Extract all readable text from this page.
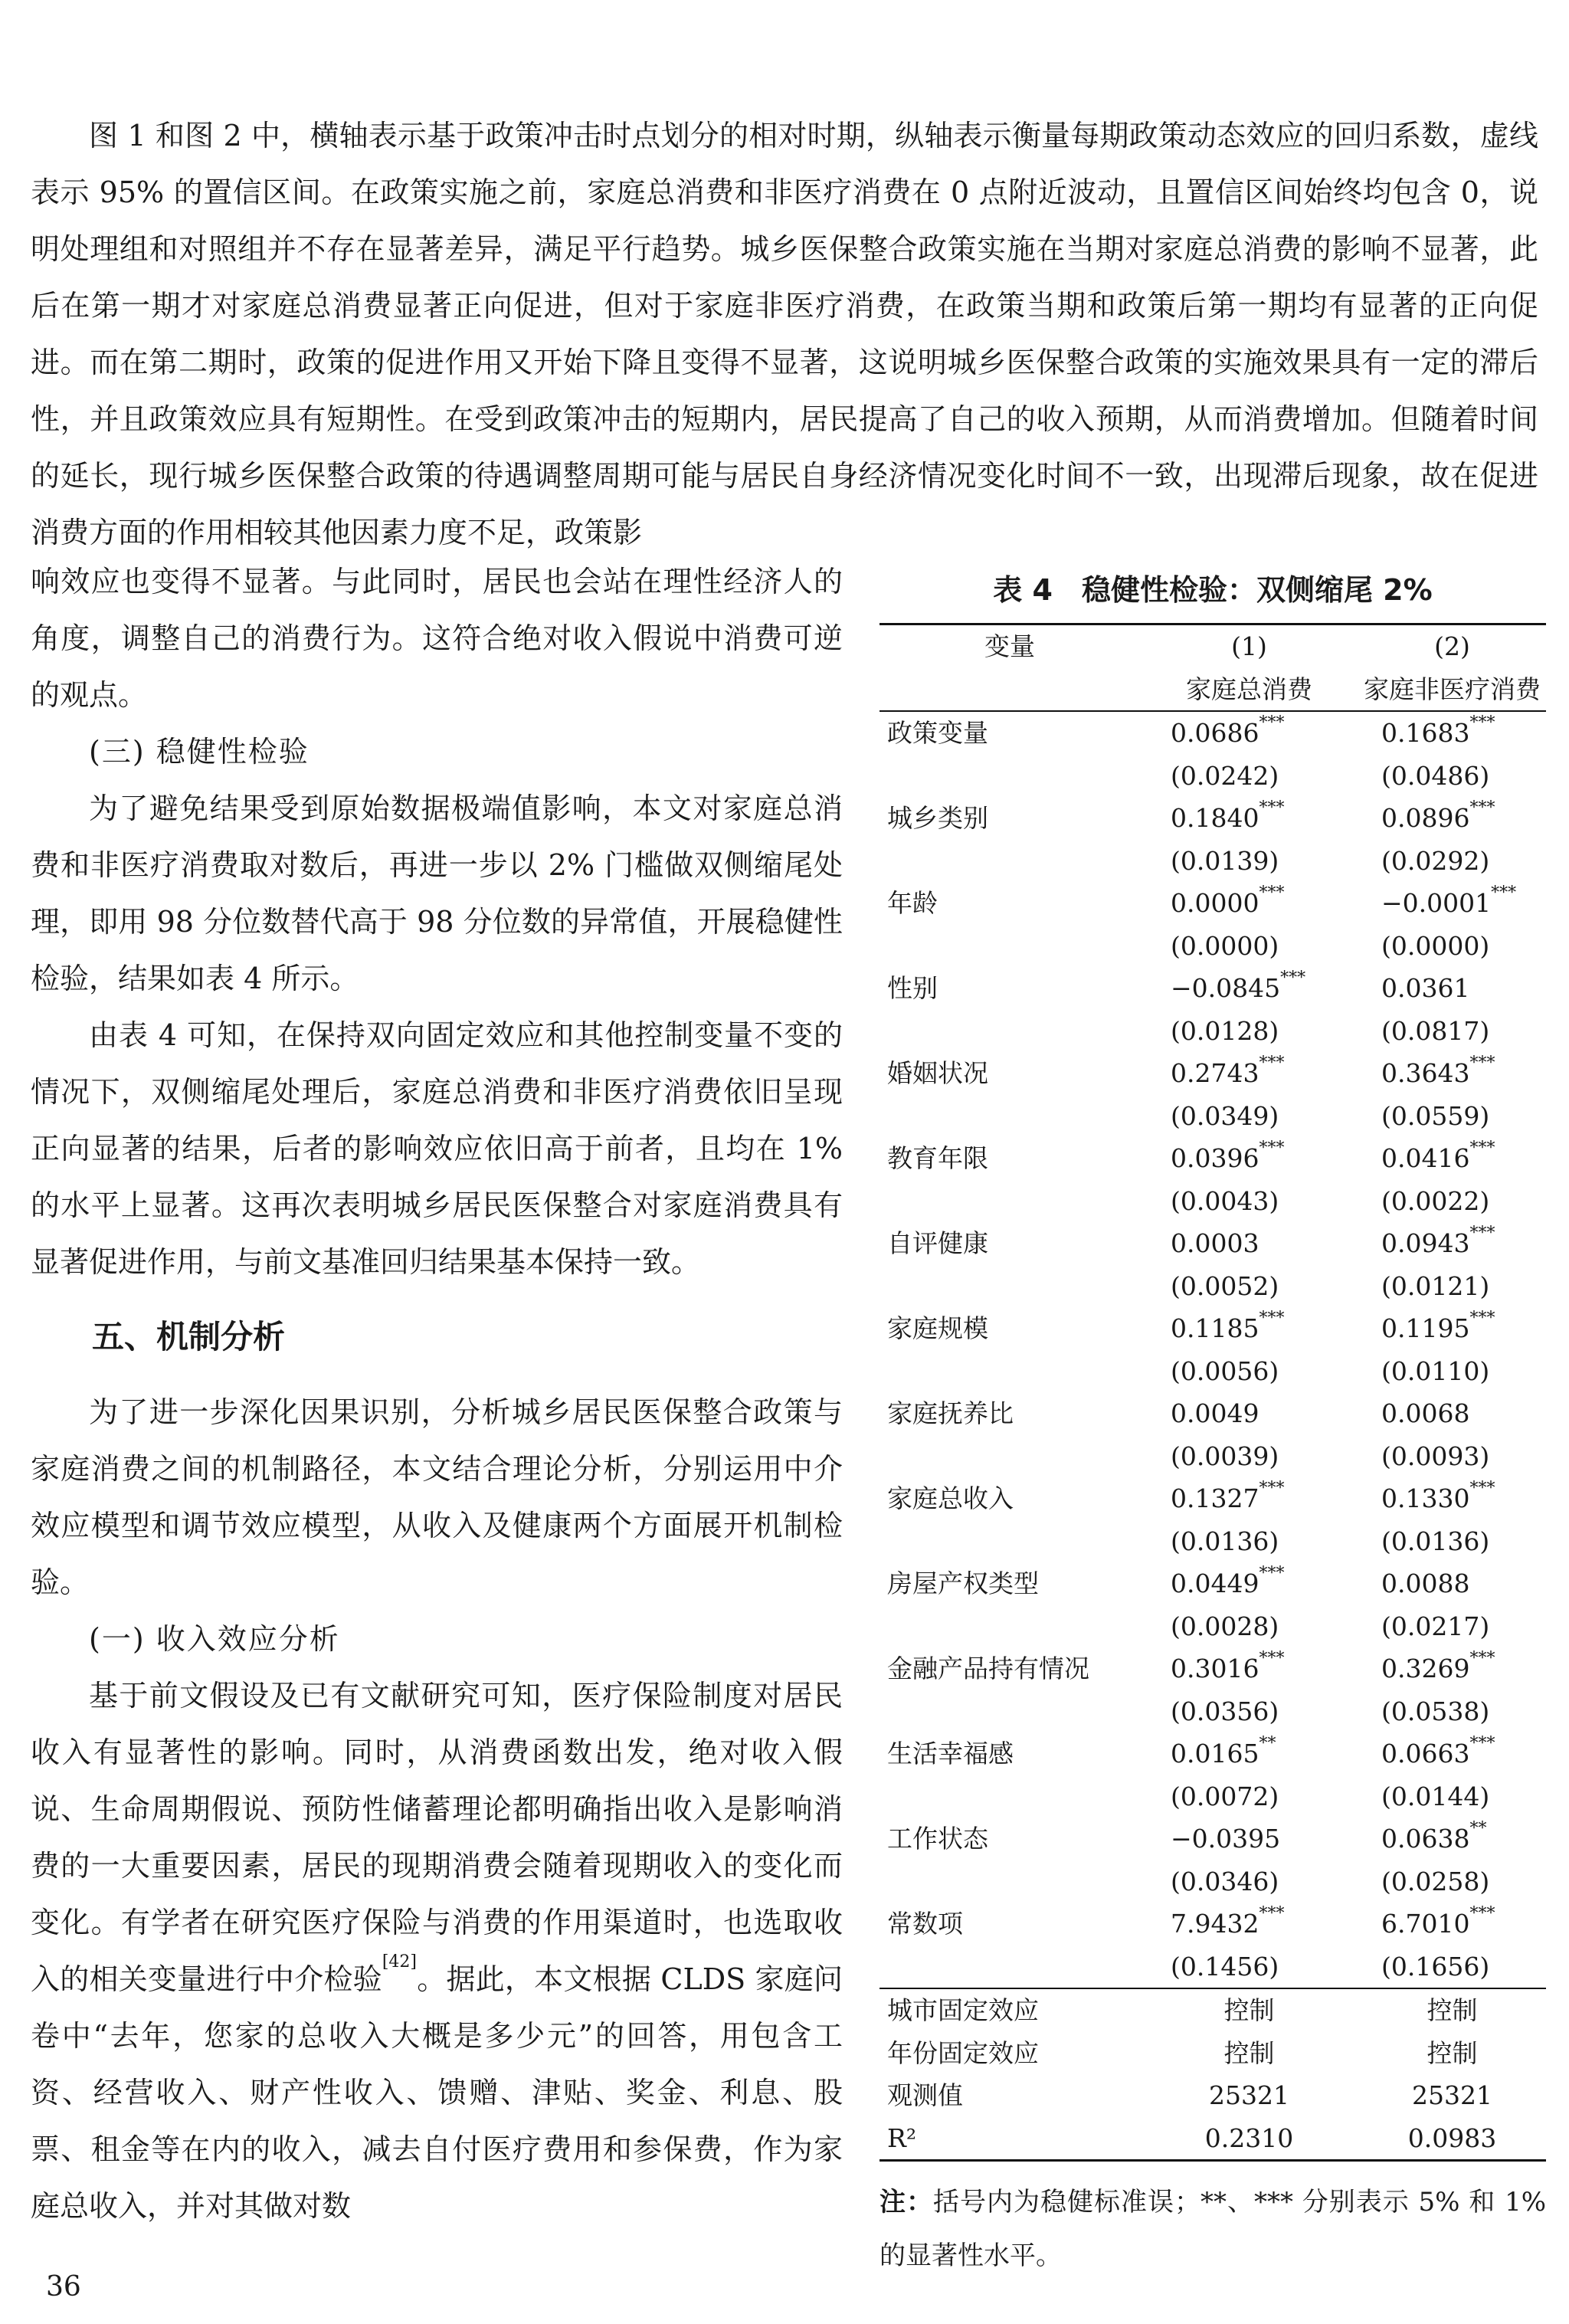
图 1 和图 2 中，横轴表示基于政策冲击时点划分的相对时期，纵轴表示衡量每期政策动态效应的回归系数，虚线表示 95% 的置信区间。在政策实施之前，家庭总消费和非医疗消费在 0 点附近波动，且置信区间始终均包含 0，说明处理组和对照组并不存在显著差异，满足平行趋势。城乡医保整合政策实施在当期对家庭总消费的影响不显著，此后在第一期才对家庭总消费显著正向促进，但对于家庭非医疗消费，在政策当期和政策后第一期均有显著的正向促进。而在第二期时，政策的促进作用又开始下降且变得不显著，这说明城乡医保整合政策的实施效果具有一定的滞后性，并且政策效应具有短期性。在受到政策冲击的短期内，居民提高了自己的收入预期，从而消费增加。但随着时间的延长，现行城乡医保整合政策的待遇调整周期可能与居民自身经济情况变化时间不一致，出现滞后现象，故在促进消费方面的作用相较其他因素力度不足，政策影

响效应也变得不显著。与此同时，居民也会站在理性经济人的角度，调整自己的消费行为。这符合绝对收入假说中消费可逆的观点。

(三) 稳健性检验

为了避免结果受到原始数据极端值影响，本文对家庭总消费和非医疗消费取对数后，再进一步以 2% 门槛做双侧缩尾处理，即用 98 分位数替代高于 98 分位数的异常值，开展稳健性检验，结果如表 4 所示。

由表 4 可知，在保持双向固定效应和其他控制变量不变的情况下，双侧缩尾处理后，家庭总消费和非医疗消费依旧呈现正向显著的结果，后者的影响效应依旧高于前者，且均在 1% 的水平上显著。这再次表明城乡居民医保整合对家庭消费具有显著促进作用，与前文基准回归结果基本保持一致。

五、机制分析

为了进一步深化因果识别，分析城乡居民医保整合政策与家庭消费之间的机制路径，本文结合理论分析，分别运用中介效应模型和调节效应模型，从收入及健康两个方面展开机制检验。

(一) 收入效应分析

基于前文假设及已有文献研究可知，医疗保险制度对居民收入有显著性的影响。同时，从消费函数出发，绝对收入假说、生命周期假说、预防性储蓄理论都明确指出收入是影响消费的一大重要因素，居民的现期消费会随着现期收入的变化而变化。有学者在研究医疗保险与消费的作用渠道时，也选取收入的相关变量进行中介检验[42]。据此，本文根据 CLDS 家庭问卷中“去年，您家的总收入大概是多少元”的回答，用包含工资、经营收入、财产性收入、馈赠、津贴、奖金、利息、股票、租金等在内的收入，减去自付医疗费用和参保费，作为家庭总收入，并对其做对数

表 4　稳健性检验：双侧缩尾 2%
变量	(1)	(2)
	家庭总消费	家庭非医疗消费
政策变量	0.0686***	0.1683***
	(0.0242)	(0.0486)
城乡类别	0.1840***	0.0896***
	(0.0139)	(0.0292)
年龄	0.0000***	−0.0001***
	(0.0000)	(0.0000)
性别	−0.0845***	0.0361
	(0.0128)	(0.0817)
婚姻状况	0.2743***	0.3643***
	(0.0349)	(0.0559)
教育年限	0.0396***	0.0416***
	(0.0043)	(0.0022)
自评健康	0.0003	0.0943***
	(0.0052)	(0.0121)
家庭规模	0.1185***	0.1195***
	(0.0056)	(0.0110)
家庭抚养比	0.0049	0.0068
	(0.0039)	(0.0093)
家庭总收入	0.1327***	0.1330***
	(0.0136)	(0.0136)
房屋产权类型	0.0449***	0.0088
	(0.0028)	(0.0217)
金融产品持有情况	0.3016***	0.3269***
	(0.0356)	(0.0538)
生活幸福感	0.0165**	0.0663***
	(0.0072)	(0.0144)
工作状态	−0.0395	0.0638**
	(0.0346)	(0.0258)
常数项	7.9432***	6.7010***
	(0.1456)	(0.1656)
城市固定效应	控制	控制
年份固定效应	控制	控制
观测值	25321	25321
R²	0.2310	0.0983
注：括号内为稳健标准误；**、*** 分别表示 5% 和 1% 的显著性水平。
36
